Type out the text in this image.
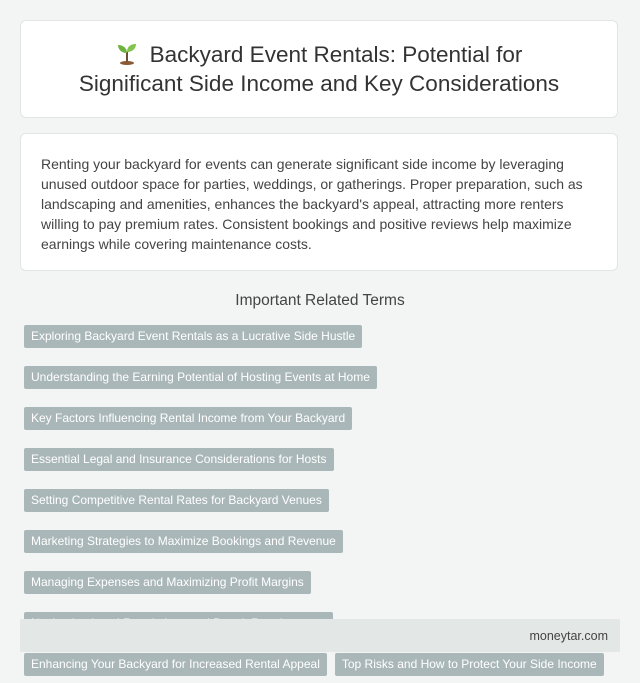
Backyard Event Rentals: Potential for
Significant Side Income and Key Considerations

Renting your backyard for events can generate significant side income by leveraging unused outdoor space for parties, weddings, or gatherings. Proper preparation, such as landscaping and amenities, enhances the backyard's appeal, attracting more renters willing to pay premium rates. Consistent bookings and positive reviews help maximize earnings while covering maintenance costs.

Important Related Terms
Exploring Backyard Event Rentals as a Lucrative Side Hustle
Understanding the Earning Potential of Hosting Events at Home
Key Factors Influencing Rental Income from Your Backyard
Essential Legal and Insurance Considerations for Hosts
Setting Competitive Rental Rates for Backyard Venues
Marketing Strategies to Maximize Bookings and Revenue
Managing Expenses and Maximizing Profit Margins
Enhancing Your Backyard for Increased Rental Appeal	Top Risks and How to Protect Your Side Income
moneytar.com
